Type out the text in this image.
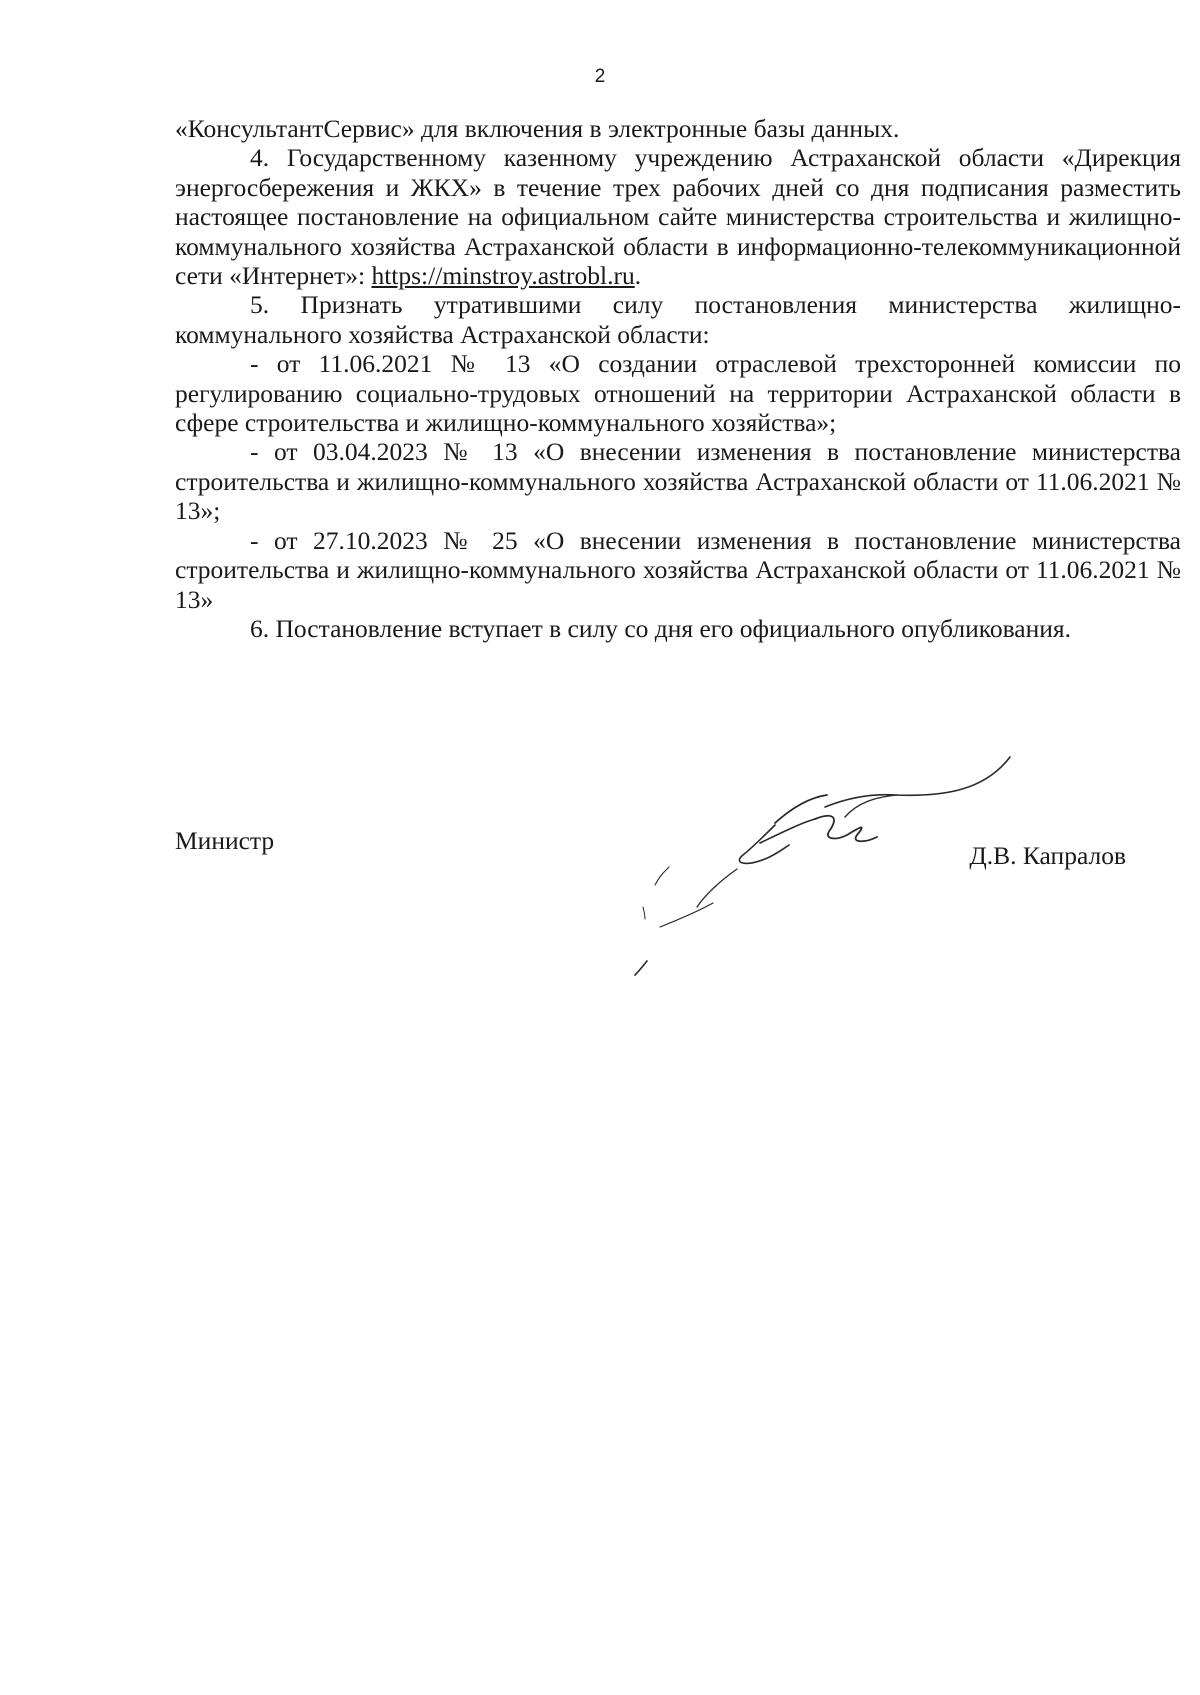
2

«КонсультантСервис» для включения в электронные базы данных.

4. Государственному казенному учреждению Астраханской области «Дирекция энергосбережения и ЖКХ» в течение трех рабочих дней со дня подписания разместить настоящее постановление на официальном сайте министерства строительства и жилищно-коммунального хозяйства Астраханской области в информационно-телекоммуникационной сети «Интернет»: https://minstroy.astrobl.ru.

5. Признать утратившими силу постановления министерства жилищно-коммунального хозяйства Астраханской области:

- от 11.06.2021 № 13 «О создании отраслевой трехсторонней комиссии по регулированию социально-трудовых отношений на территории Астраханской области в сфере строительства и жилищно-коммунального хозяйства»;

- от 03.04.2023 № 13 «О внесении изменения в постановление министерства строительства и жилищно-коммунального хозяйства Астраханской области от 11.06.2021 № 13»;

- от 27.10.2023 № 25 «О внесении изменения в постановление министерства строительства и жилищно-коммунального хозяйства Астраханской области от 11.06.2021 № 13»

6. Постановление вступает в силу со дня его официального опубликования.

Министр
Д.В. Капралов
